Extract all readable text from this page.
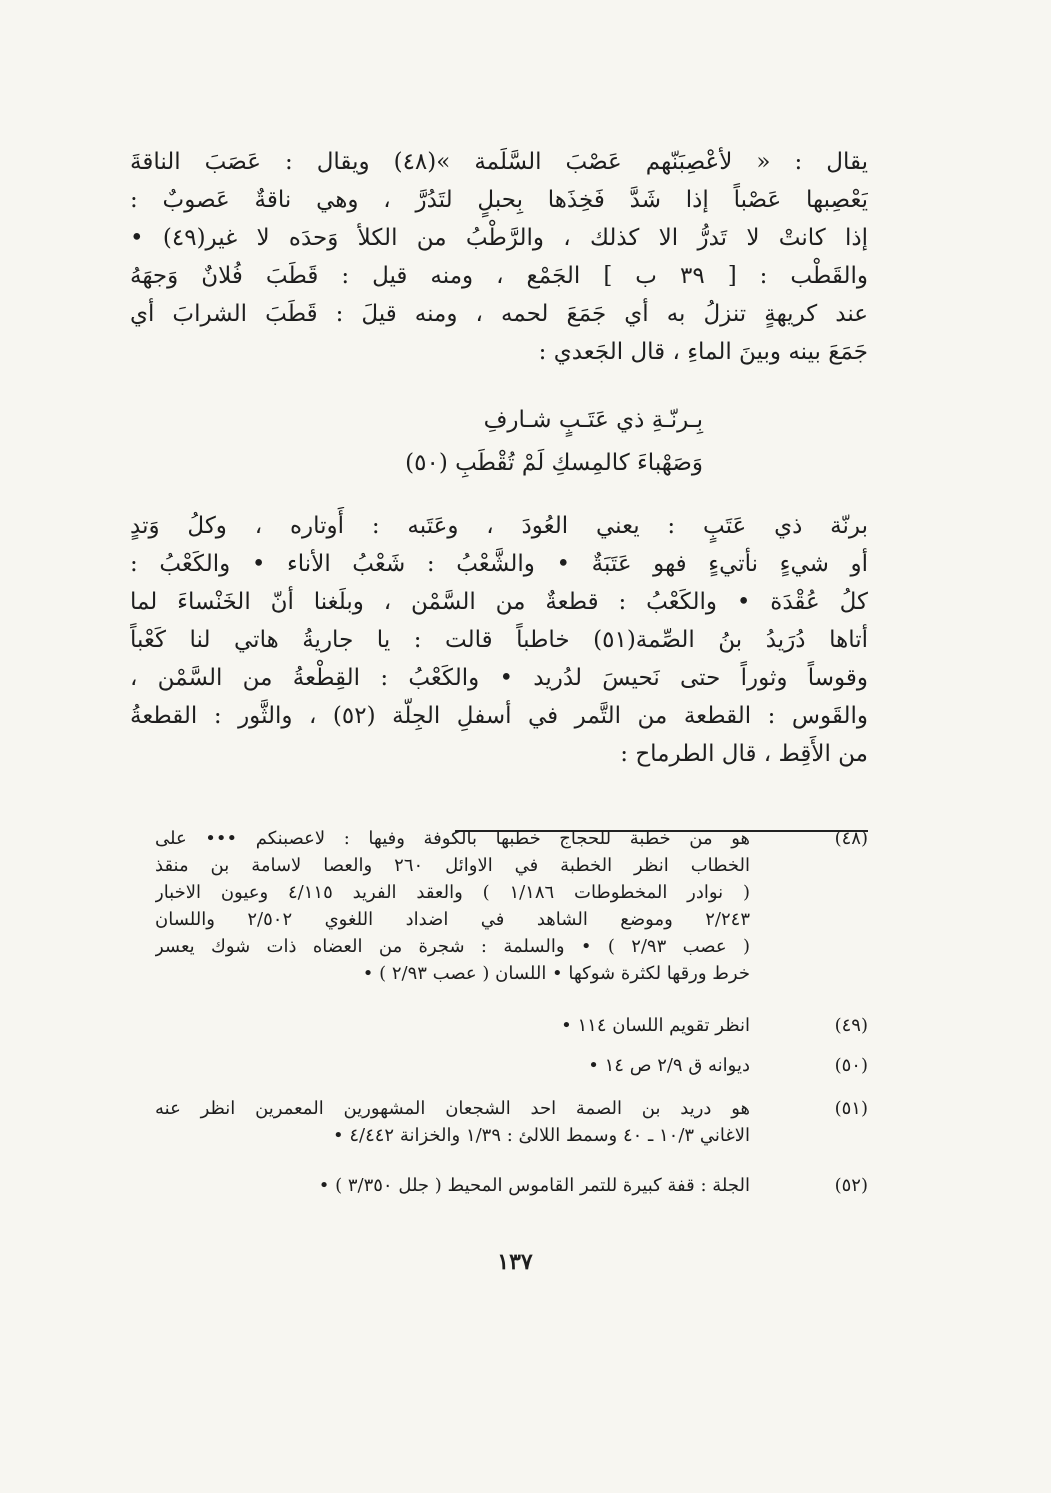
يقال : « لأعْصِبَنّهم عَصْبَ السَّلَمة »(٤٨) ويقال : عَصَبَ الناقةَ
يَعْصِبها عَصْباً إذا شَدَّ فَخِذَها بِحبلٍ لتَدُرَّ ، وهي ناقةٌ عَصوبٌ :
إذا كانتْ لا تَدرُّ الا كذلك ، والرَّطْبُ من الكلأ وَحدَه لا غير(٤٩) •
والقَطْب : [ ٣٩ ب ] الجَمْع ، ومنه قيل : قَطَبَ فُلانٌ وَجهَهُ
عند كريهةٍ تنزلُ به أي جَمَعَ لحمه ، ومنه قيلَ : قَطَبَ الشرابَ أي
جَمَعَ بينه وبينَ الماءِ ، قال الجَعدي :
بِـرنّـةِ ذي عَتَـبٍ شـارفِ
وَصَهْباءَ كالمِسكِ لَمْ تُقْطَبِ (٥٠)
برنّة ذي عَتَبٍ : يعني العُودَ ، وعَتَبه : أَوتاره ، وكلُ وَتدٍ
أو شيءٍ نأتيءٍ فهو عَتَبَةٌ • والشَّعْبُ : شَعْبُ الأناء • والكَعْبُ :
كلُ عُقْدَة • والكَعْبُ : قطعةٌ من السَّمْن ، وبلَغنا أنّ الخَنْساءَ لما
أتاها دُرَيدُ بنُ الصِّمة(٥١) خاطباً قالت : يا جاريةُ هاتي لنا كَعْباً
وقوساً وثوراً حتى نَحيسَ لدُريد • والكَعْبُ : القِطْعةُ من السَّمْن ،
والقَوس : القطعة من التَّمر في أسفلِ الجِلّة (٥٢) ، والثَّور : القطعةُ
من الأَقِط ، قال الطرماح :
(٤٨)
هو من خطبة للحجاج خطبها بالكوفة وفيها : لاعصبنكم ••• على
الخطاب انظر الخطبة في الاوائل ٢٦٠ والعصا لاسامة بن منقذ
( نوادر المخطوطات ١/١٨٦ ) والعقد الفريد ٤/١١٥ وعيون الاخبار
٢/٢٤٣ وموضع الشاهد في اضداد اللغوي ٢/٥٠٢ واللسان
( عصب ٢/٩٣ ) • والسلمة : شجرة من العضاه ذات شوك يعسر
خرط ورقها لكثرة شوكها • اللسان ( عصب ٢/٩٣ ) •
(٤٩)
انظر تقويم اللسان ١١٤ •
(٥٠)
ديوانه ق ٢/٩ ص ١٤ •
(٥١)
هو دريد بن الصمة احد الشجعان المشهورين المعمرين انظر عنه
الاغاني ١٠/٣ ـ ٤٠ وسمط اللالئ : ١/٣٩ والخزانة ٤/٤٤٢ •
(٥٢)
الجلة : قفة كبيرة للتمر القاموس المحيط ( جلل ٣/٣٥٠ ) •
١٣٧
